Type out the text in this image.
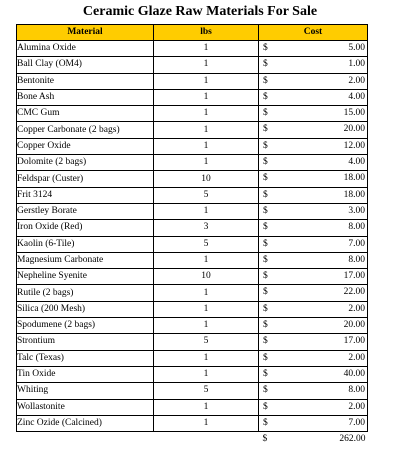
Ceramic Glaze Raw Materials For Sale
Material	lbs	Cost
Alumina Oxide	1	$ 5.00

Ball Clay (OM4)	1	$ 1.00

Bentonite	1	$ 2.00

Bone Ash	1	$ 4.00

CMC Gum	1	$ 15.00

Copper Carbonate (2 bags)	1	$ 20.00

Copper Oxide	1	$ 12.00

Dolomite (2 bags)	1	$ 4.00

Feldspar (Custer)	10	$ 18.00

Frit 3124	5	$ 18.00

Gerstley Borate	1	$ 3.00

Iron Oxide (Red)	3	$ 8.00

Kaolin (6-Tile)	5	$ 7.00

Magnesium Carbonate	1	$ 8.00

Nepheline Syenite	10	$ 17.00

Rutile (2 bags)	1	$ 22.00

Silica (200 Mesh)	1	$ 2.00

Spodumene (2 bags)	1	$ 20.00

Strontium	5	$ 17.00

Talc (Texas)	1	$ 2.00

Tin Oxide	1	$ 40.00

Whiting	5	$ 8.00

Wollastonite	1	$ 2.00

Zinc Ozide (Calcined)	1	$ 7.00

		$ 262.00
